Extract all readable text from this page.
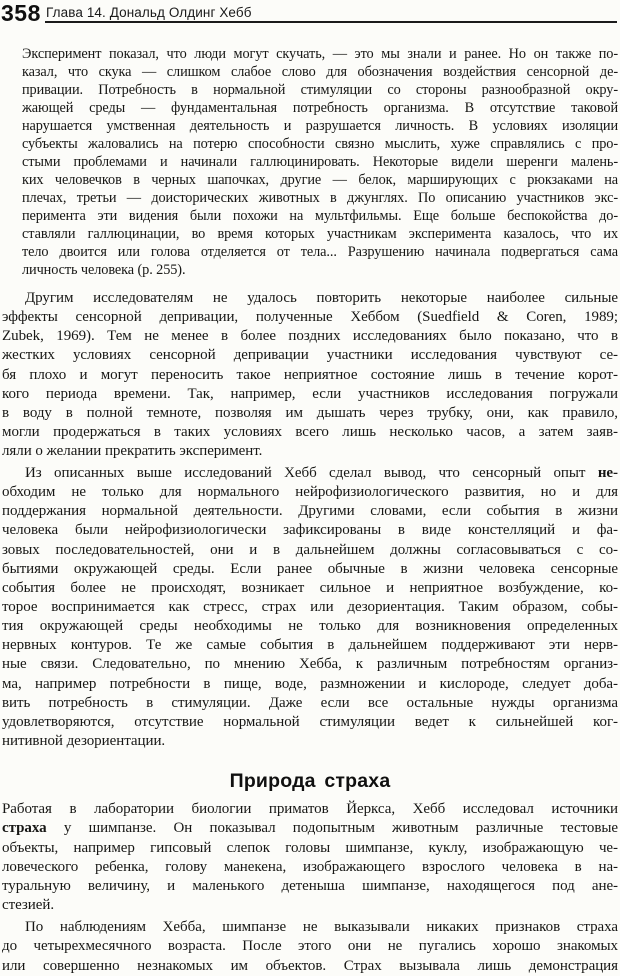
358 Глава 14. Дональд Олдинг Хебб
Эксперимент показал, что люди могут скучать, — это мы знали и ранее. Но он также по-
казал, что скука — слишком слабое слово для обозначения воздействия сенсорной де-
привации. Потребность в нормальной стимуляции со стороны разнообразной окру-
жающей среды — фундаментальная потребность организма. В отсутствие таковой
нарушается умственная деятельность и разрушается личность. В условиях изоляции
субъекты жаловались на потерю способности связно мыслить, хуже справлялись с про-
стыми проблемами и начинали галлюцинировать. Некоторые видели шеренги малень-
ких человечков в черных шапочках, другие — белок, марширующих с рюкзаками на
плечах, третьи — доисторических животных в джунглях. По описанию участников экс-
перимента эти видения были похожи на мультфильмы. Еще больше беспокойства до-
ставляли галлюцинации, во время которых участникам эксперимента казалось, что их
тело двоится или голова отделяется от тела... Разрушению начинала подвергаться сама
личность человека (p. 255).
Другим исследователям не удалось повторить некоторые наиболее сильные
эффекты сенсорной депривации, полученные Хеббом (Suedfield & Coren, 1989;
Zubek, 1969). Тем не менее в более поздних исследованиях было показано, что в
жестких условиях сенсорной депривации участники исследования чувствуют се-
бя плохо и могут переносить такое неприятное состояние лишь в течение корот-
кого периода времени. Так, например, если участников исследования погружали
в воду в полной темноте, позволяя им дышать через трубку, они, как правило,
могли продержаться в таких условиях всего лишь несколько часов, а затем заяв-
ляли о желании прекратить эксперимент.
Из описанных выше исследований Хебб сделал вывод, что сенсорный опыт не-
обходим не только для нормального нейрофизиологического развития, но и для
поддержания нормальной деятельности. Другими словами, если события в жизни
человека были нейрофизиологически зафиксированы в виде констелляций и фа-
зовых последовательностей, они и в дальнейшем должны согласовываться с со-
бытиями окружающей среды. Если ранее обычные в жизни человека сенсорные
события более не происходят, возникает сильное и неприятное возбуждение, ко-
торое воспринимается как стресс, страх или дезориентация. Таким образом, собы-
тия окружающей среды необходимы не только для возникновения определенных
нервных контуров. Те же самые события в дальнейшем поддерживают эти нерв-
ные связи. Следовательно, по мнению Хебба, к различным потребностям организ-
ма, например потребности в пище, воде, размножении и кислороде, следует доба-
вить потребность в стимуляции. Даже если все остальные нужды организма
удовлетворяются, отсутствие нормальной стимуляции ведет к сильнейшей ког-
нитивной дезориентации.
Природа страха
Работая в лаборатории биологии приматов Йеркса, Хебб исследовал источники
страха у шимпанзе. Он показывал подопытным животным различные тестовые
объекты, например гипсовый слепок головы шимпанзе, куклу, изображающую че-
ловеческого ребенка, голову манекена, изображающего взрослого человека в на-
туральную величину, и маленького детеныша шимпанзе, находящегося под ане-
стезией.
По наблюдениям Хебба, шимпанзе не выказывали никаких признаков страха
до четырехмесячного возраста. После этого они не пугались хорошо знакомых
или совершенно незнакомых им объектов. Страх вызывала лишь демонстрация
